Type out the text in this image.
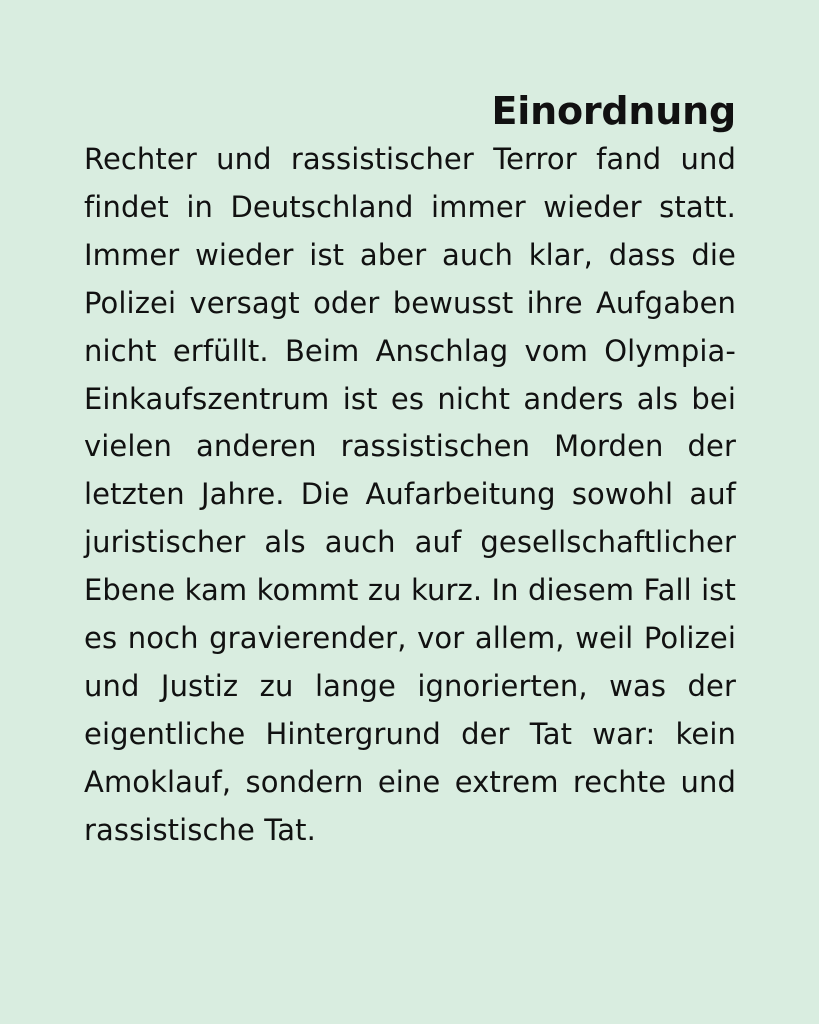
Einordnung

Rechter und rassistischer Terror fand und findet in Deutschland immer wieder statt. Immer wieder ist aber auch klar, dass die Polizei versagt oder bewusst ihre Aufgaben nicht erfüllt. Beim Anschlag vom Olympia-Einkaufszentrum ist es nicht anders als bei vielen anderen rassistischen Morden der letzten Jahre. Die Aufarbeitung sowohl auf juristischer als auch auf gesellschaftlicher Ebene kam kommt zu kurz. In diesem Fall ist es noch gravierender, vor allem, weil Polizei und Justiz zu lange ignorierten, was der eigentliche Hintergrund der Tat war: kein Amoklauf, sondern eine extrem rechte und rassistische Tat.
